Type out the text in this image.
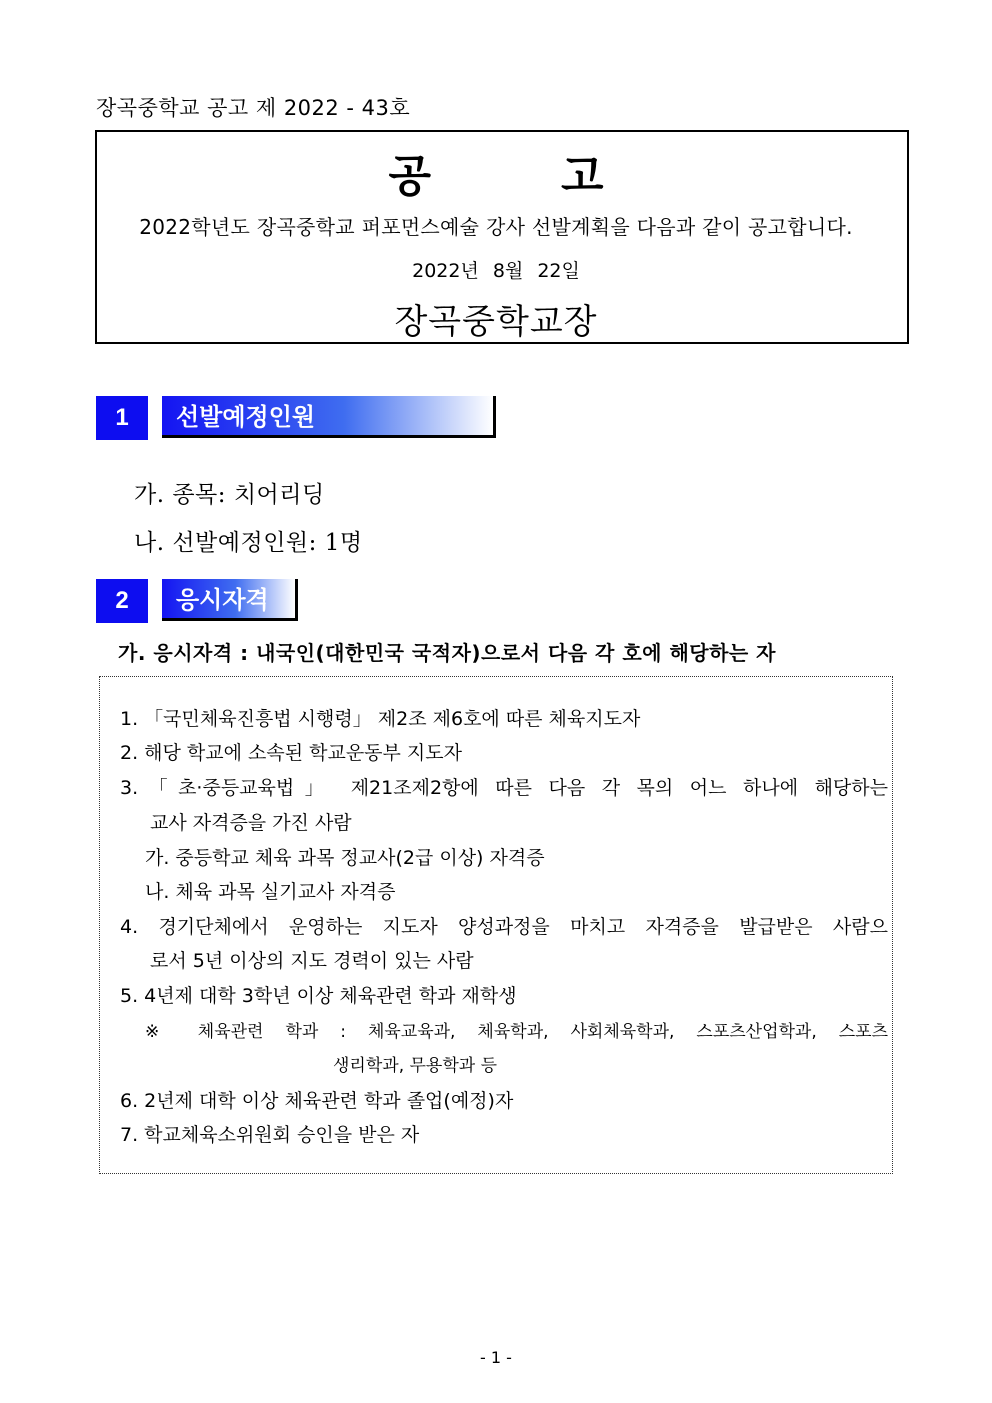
장곡중학교 공고 제 2022 - 43호
공	고
2022학년도 장곡중학교 퍼포먼스예술 강사 선발계획을 다음과 같이 공고합니다.
2022년 8월 22일
장곡중학교장
1	선발예정인원
가. 종목: 치어리딩
나. 선발예정인원: 1명
2	응시자격
가. 응시자격 : 내국인(대한민국 국적자)으로서 다음 각 호에 해당하는 자
1. 「국민체육진흥법 시행령」 제2조 제6호에 따른 체육지도자
2. 해당 학교에 소속된 학교운동부 지도자
3.「초·중등교육법」 제21조제2항에 따른 다음 각 목의 어느 하나에 해당하는
교사 자격증을 가진 사람
가. 중등학교 체육 과목 정교사(2급 이상) 자격증
나. 체육 과목 실기교사 자격증
4. 경기단체에서 운영하는 지도자 양성과정을 마치고 자격증을 발급받은 사람으
로서 5년 이상의 지도 경력이 있는 사람
5. 4년제 대학 3학년 이상 체육관련 학과 재학생
※ 체육관련 학과 : 체육교육과, 체육학과, 사회체육학과, 스포츠산업학과, 스포츠
생리학과, 무용학과 등
6. 2년제 대학 이상 체육관련 학과 졸업(예정)자
7. 학교체육소위원회 승인을 받은 자
- 1 -
